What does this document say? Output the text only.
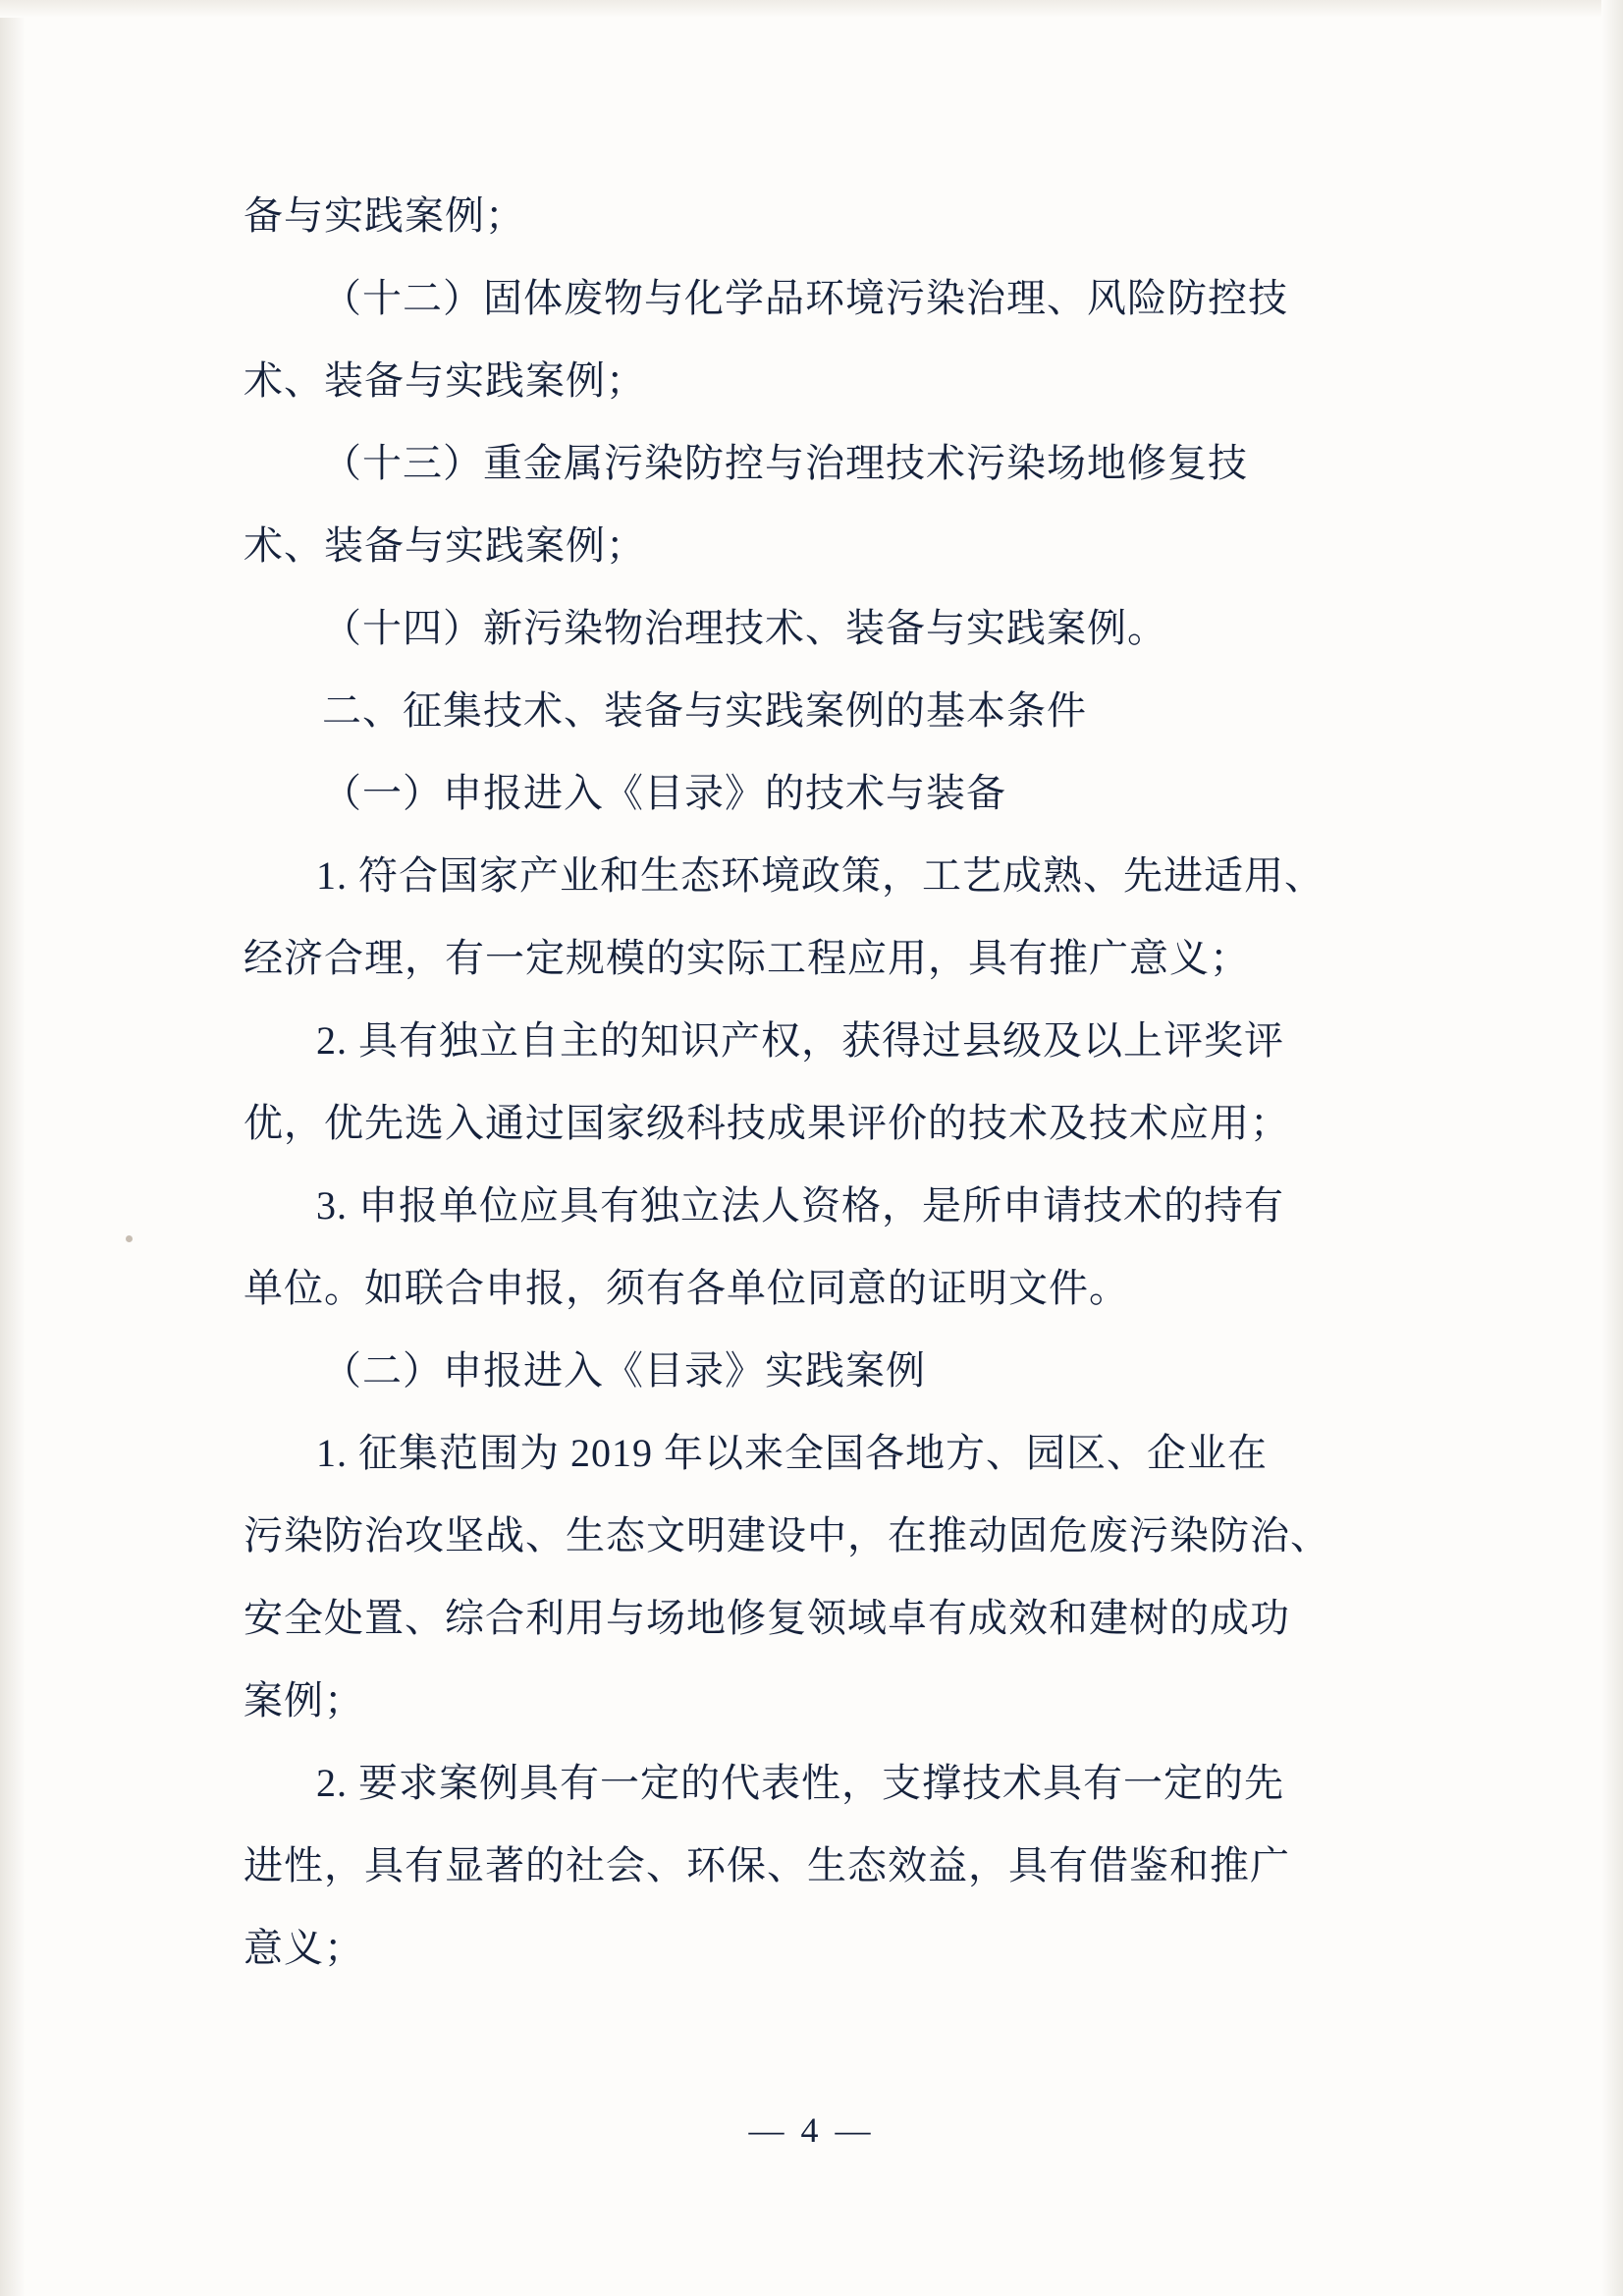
备与实践案例；
（十二）固体废物与化学品环境污染治理、风险防控技
术、装备与实践案例；
（十三）重金属污染防控与治理技术污染场地修复技
术、装备与实践案例；
（十四）新污染物治理技术、装备与实践案例。
二、征集技术、装备与实践案例的基本条件
（一）申报进入《目录》的技术与装备
1. 符合国家产业和生态环境政策，工艺成熟、先进适用、
经济合理，有一定规模的实际工程应用，具有推广意义；
2. 具有独立自主的知识产权，获得过县级及以上评奖评
优，优先选入通过国家级科技成果评价的技术及技术应用；
3. 申报单位应具有独立法人资格，是所申请技术的持有
单位。如联合申报，须有各单位同意的证明文件。
（二）申报进入《目录》实践案例
1. 征集范围为 2019 年以来全国各地方、园区、企业在
污染防治攻坚战、生态文明建设中，在推动固危废污染防治、
安全处置、综合利用与场地修复领域卓有成效和建树的成功
案例；
2. 要求案例具有一定的代表性，支撑技术具有一定的先
进性，具有显著的社会、环保、生态效益，具有借鉴和推广
意义；
— 4 —
